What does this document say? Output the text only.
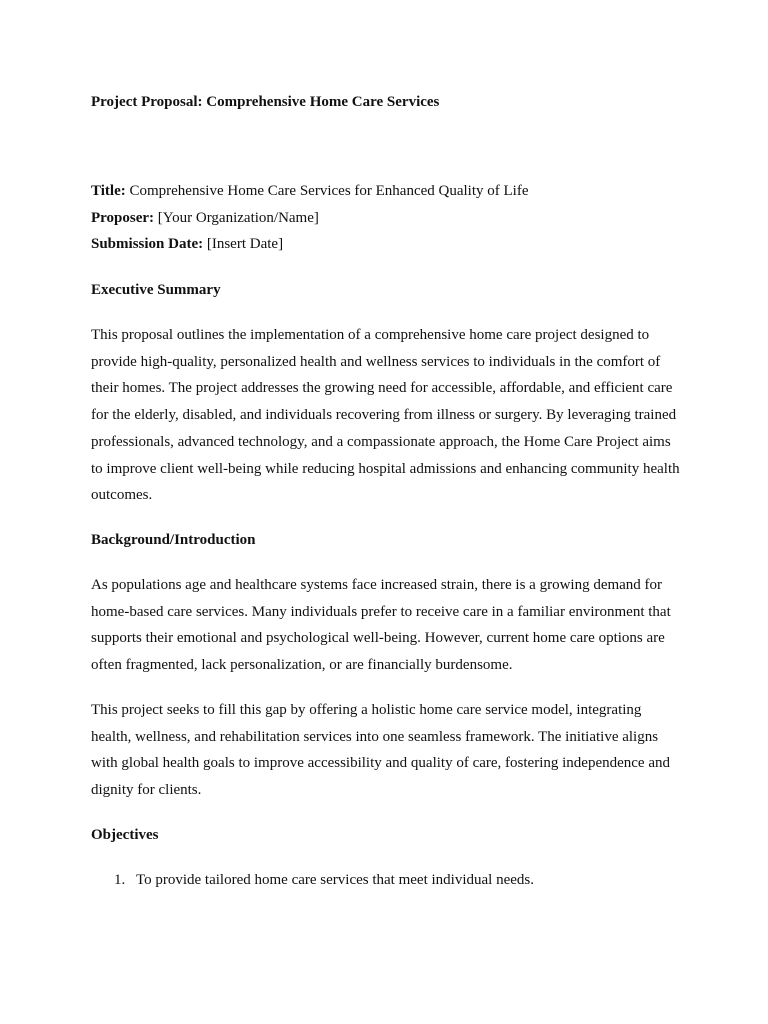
Project Proposal: Comprehensive Home Care Services

Title: Comprehensive Home Care Services for Enhanced Quality of Life
Proposer: [Your Organization/Name]
Submission Date: [Insert Date]

Executive Summary

This proposal outlines the implementation of a comprehensive home care project designed to provide high-quality, personalized health and wellness services to individuals in the comfort of their homes. The project addresses the growing need for accessible, affordable, and efficient care for the elderly, disabled, and individuals recovering from illness or surgery. By leveraging trained professionals, advanced technology, and a compassionate approach, the Home Care Project aims to improve client well-being while reducing hospital admissions and enhancing community health outcomes.

Background/Introduction

As populations age and healthcare systems face increased strain, there is a growing demand for home-based care services. Many individuals prefer to receive care in a familiar environment that supports their emotional and psychological well-being. However, current home care options are often fragmented, lack personalization, or are financially burdensome.

This project seeks to fill this gap by offering a holistic home care service model, integrating health, wellness, and rehabilitation services into one seamless framework. The initiative aligns with global health goals to improve accessibility and quality of care, fostering independence and dignity for clients.

Objectives

1. To provide tailored home care services that meet individual needs.
